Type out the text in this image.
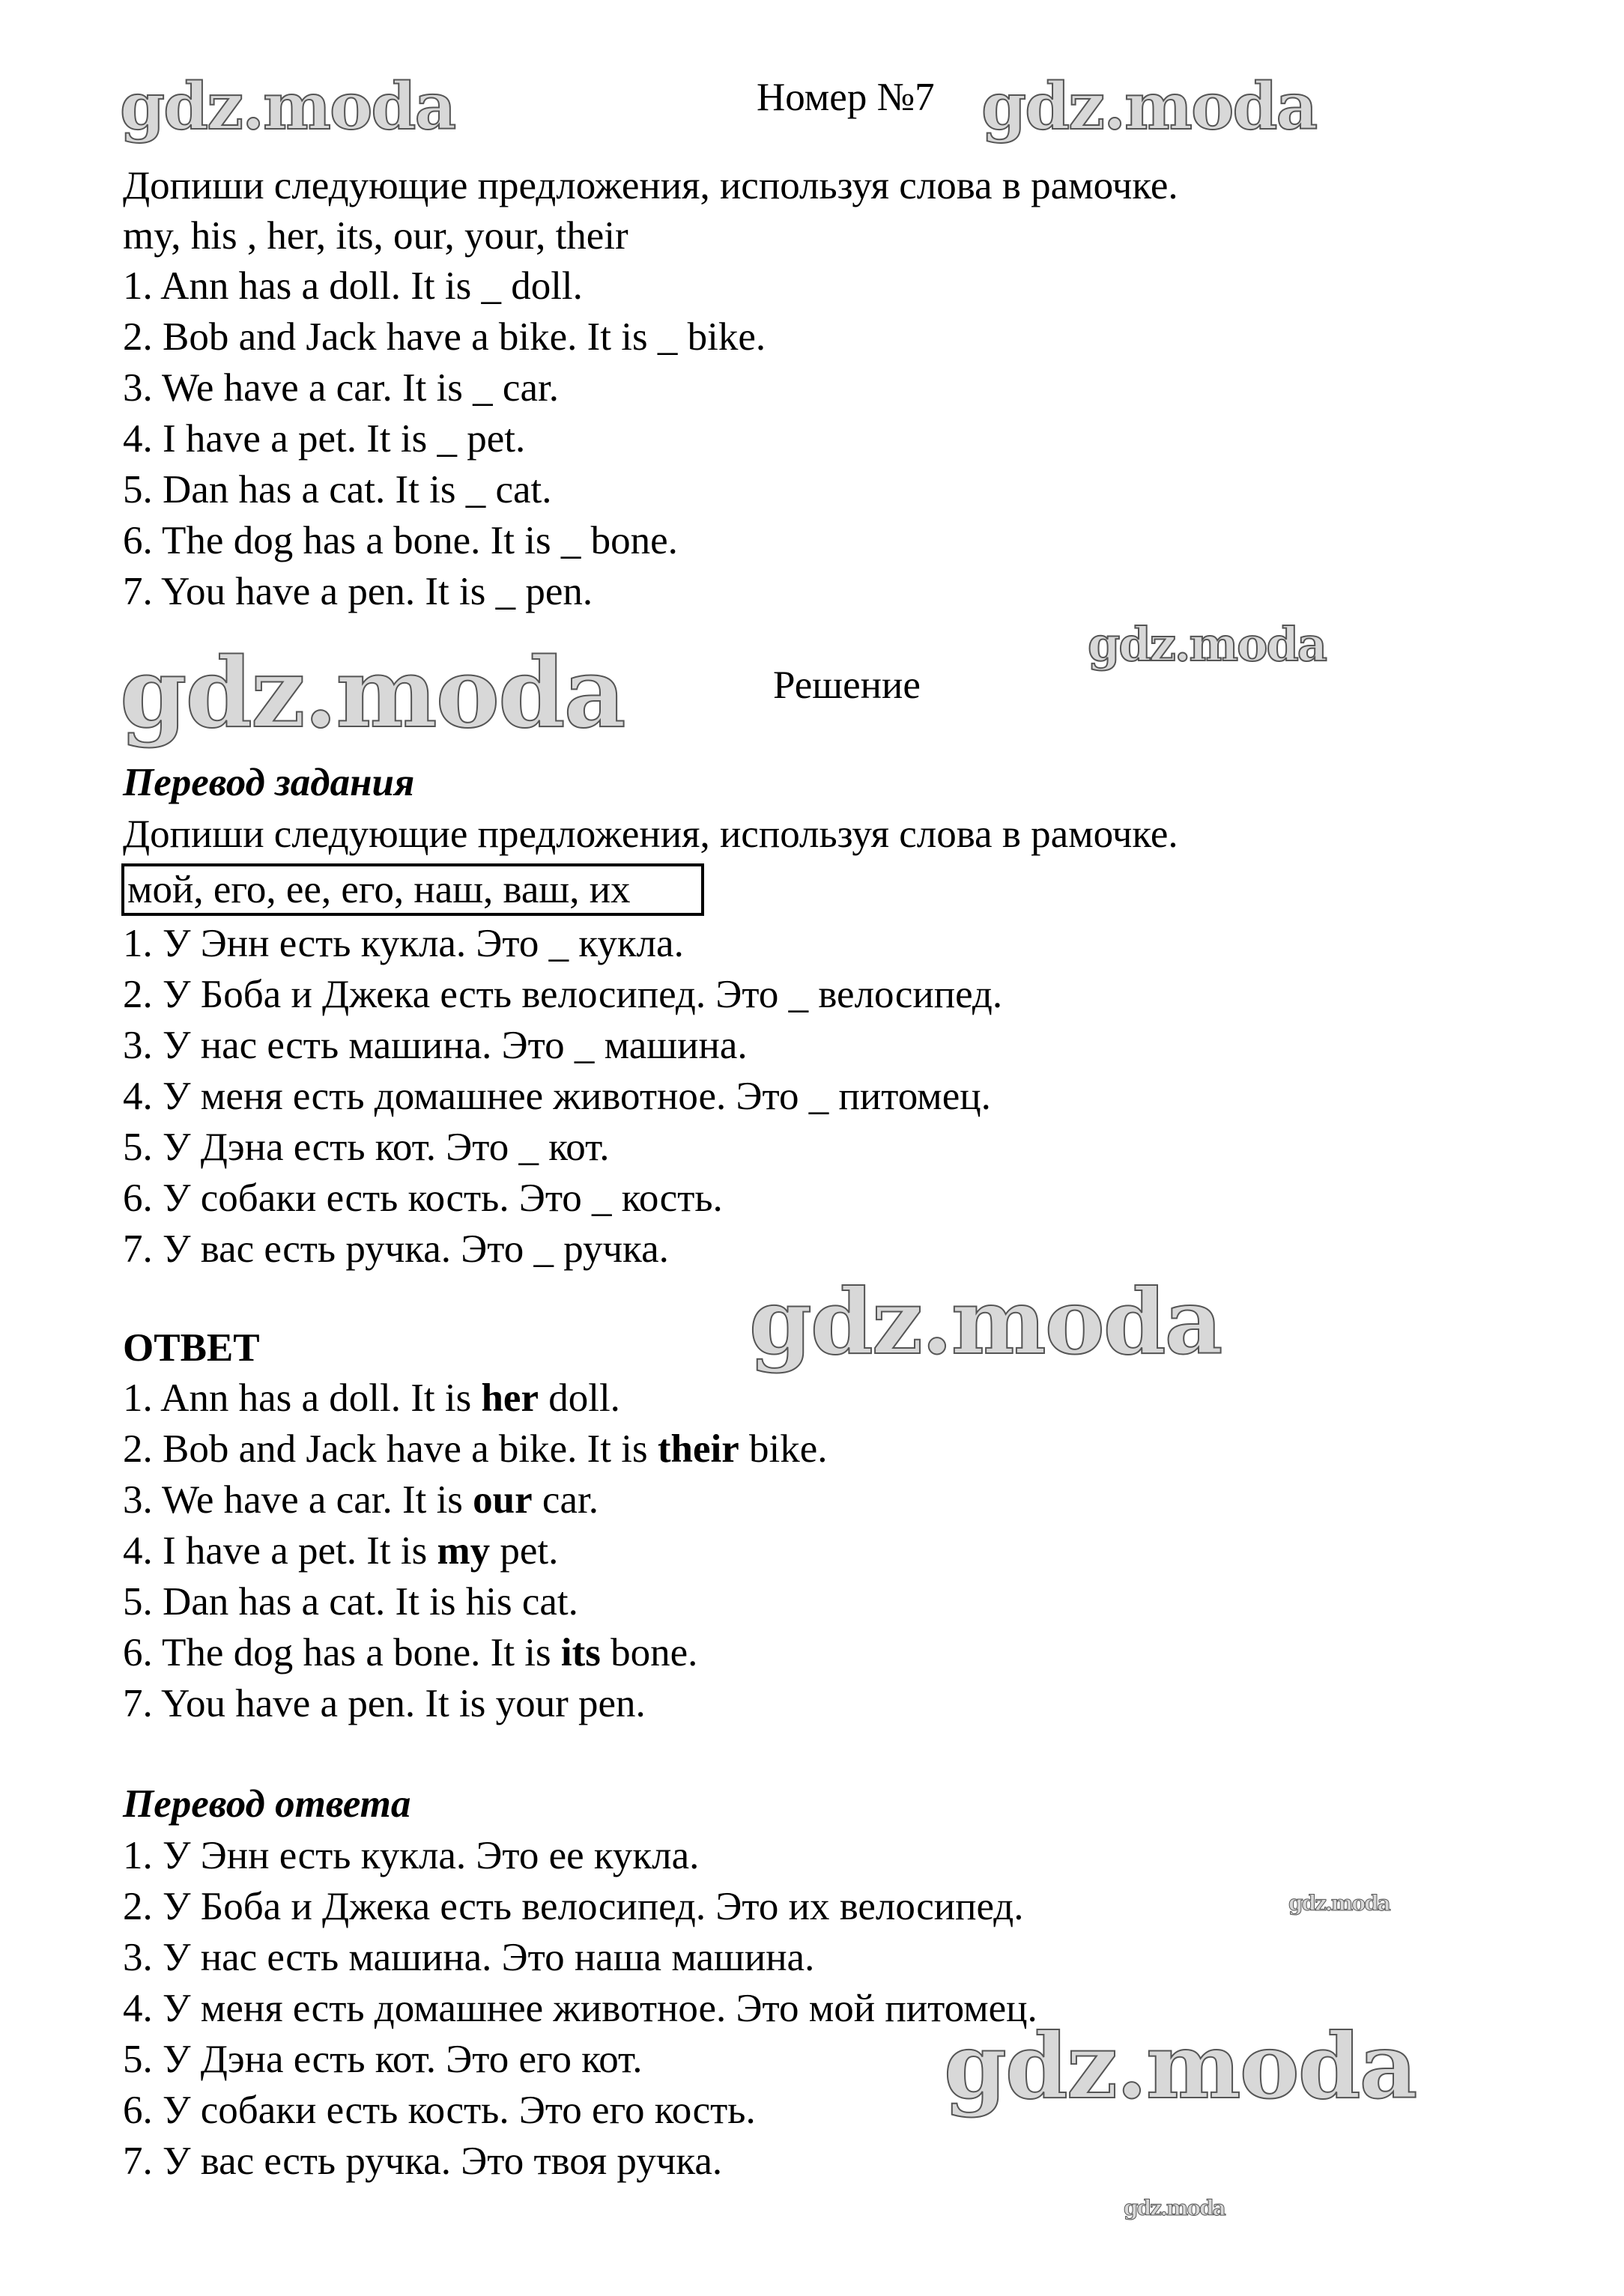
gdz.moda	gdz.moda
gdz.moda
gdz.moda
gdz.moda
gdz.moda
gdz.moda
gdz.moda
Номер №7
Допиши следующие предложения, используя слова в рамочке.
my, his , her, its, our, your, their
1. Ann has a doll. It is _ doll.
2. Bob and Jack have a bike. It is _ bike.
3. We have a car. It is _ car.
4. I have a pet. It is _ pet.
5. Dan has a cat. It is _ cat.
6. The dog has a bone. It is _ bone.
7. You have a pen. It is _ pen.
Решение
Перевод задания
Допиши следующие предложения, используя слова в рамочке.
мой, его, ее, его, наш, ваш, их
1. У Энн есть кукла. Это _ кукла.
2. У Боба и Джека есть велосипед. Это _ велосипед.
3. У нас есть машина. Это _ машина.
4. У меня есть домашнее животное. Это _ питомец.
5. У Дэна есть кот. Это _ кот.
6. У собаки есть кость. Это _ кость.
7. У вас есть ручка. Это _ ручка.
ОТВЕТ
1. Ann has a doll. It is her doll.
2. Bob and Jack have a bike. It is their bike.
3. We have a car. It is our car.
4. I have a pet. It is my pet.
5. Dan has a cat. It is his cat.
6. The dog has a bone. It is its bone.
7. You have a pen. It is your pen.
Перевод ответа
1. У Энн есть кукла. Это ее кукла.
2. У Боба и Джека есть велосипед. Это их велосипед.
3. У нас есть машина. Это наша машина.
4. У меня есть домашнее животное. Это мой питомец.
5. У Дэна есть кот. Это его кот.
6. У собаки есть кость. Это его кость.
7. У вас есть ручка. Это твоя ручка.
